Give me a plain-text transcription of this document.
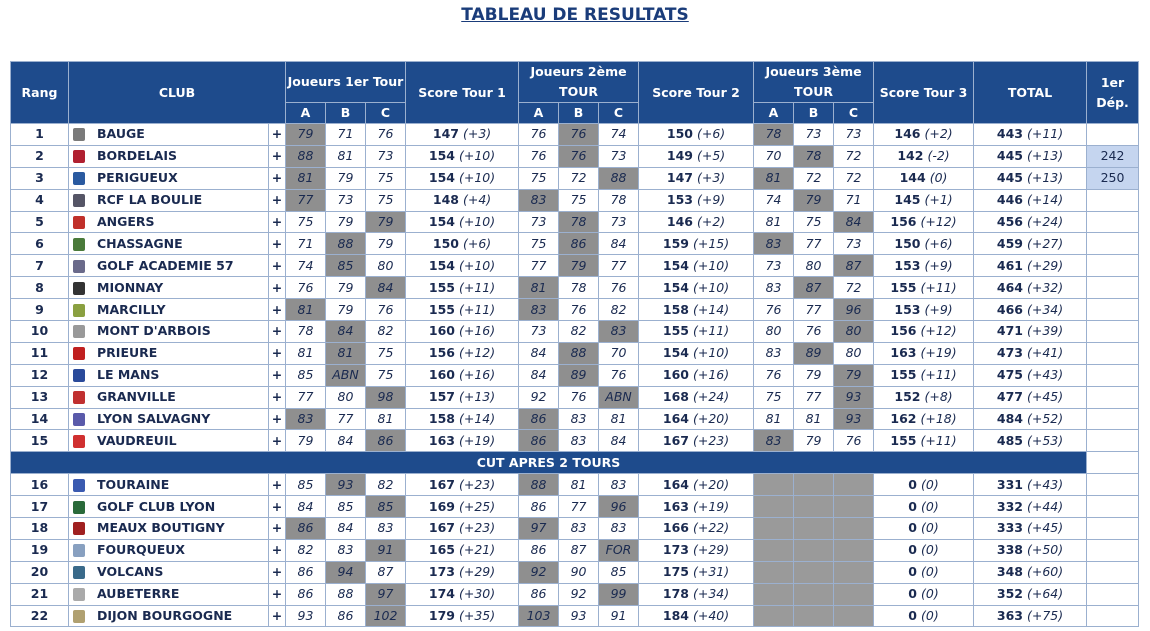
TABLEAU DE RESULTATS
Rang	CLUB		Joueurs 1er Tour			Score Tour 1	Joueurs 2ème TOUR			Score Tour 2	Joueurs 3ème TOUR			Score Tour 3	TOTAL	1er Dép.
			A	B	C		A	B	C		A	B	C			
1	BAUGE	+	79	71	76	147 (+3)	76	76	74	150 (+6)	78	73	73	146 (+2)	443 (+11)	
2	BORDELAIS	+	88	81	73	154 (+10)	76	76	73	149 (+5)	70	78	72	142 (-2)	445 (+13)	242
3	PERIGUEUX	+	81	79	75	154 (+10)	75	72	88	147 (+3)	81	72	72	144 (0)	445 (+13)	250
4	RCF LA BOULIE	+	77	73	75	148 (+4)	83	75	78	153 (+9)	74	79	71	145 (+1)	446 (+14)	
5	ANGERS	+	75	79	79	154 (+10)	73	78	73	146 (+2)	81	75	84	156 (+12)	456 (+24)	
6	CHASSAGNE	+	71	88	79	150 (+6)	75	86	84	159 (+15)	83	77	73	150 (+6)	459 (+27)	
7	GOLF ACADEMIE 57	+	74	85	80	154 (+10)	77	79	77	154 (+10)	73	80	87	153 (+9)	461 (+29)	
8	MIONNAY	+	76	79	84	155 (+11)	81	78	76	154 (+10)	83	87	72	155 (+11)	464 (+32)	
9	MARCILLY	+	81	79	76	155 (+11)	83	76	82	158 (+14)	76	77	96	153 (+9)	466 (+34)	
10	MONT D'ARBOIS	+	78	84	82	160 (+16)	73	82	83	155 (+11)	80	76	80	156 (+12)	471 (+39)	
11	PRIEURE	+	81	81	75	156 (+12)	84	88	70	154 (+10)	83	89	80	163 (+19)	473 (+41)	
12	LE MANS	+	85	ABN	75	160 (+16)	84	89	76	160 (+16)	76	79	79	155 (+11)	475 (+43)	
13	GRANVILLE	+	77	80	98	157 (+13)	92	76	ABN	168 (+24)	75	77	93	152 (+8)	477 (+45)	
14	LYON SALVAGNY	+	83	77	81	158 (+14)	86	83	81	164 (+20)	81	81	93	162 (+18)	484 (+52)	
15	VAUDREUIL	+	79	84	86	163 (+19)	86	83	84	167 (+23)	83	79	76	155 (+11)	485 (+53)	
CUT APRES 2 TOURS																
16	TOURAINE	+	85	93	82	167 (+23)	88	81	83	164 (+20)				0 (0)	331 (+43)	
17	GOLF CLUB LYON	+	84	85	85	169 (+25)	86	77	96	163 (+19)				0 (0)	332 (+44)	
18	MEAUX BOUTIGNY	+	86	84	83	167 (+23)	97	83	83	166 (+22)				0 (0)	333 (+45)	
19	FOURQUEUX	+	82	83	91	165 (+21)	86	87	FOR	173 (+29)				0 (0)	338 (+50)	
20	VOLCANS	+	86	94	87	173 (+29)	92	90	85	175 (+31)				0 (0)	348 (+60)	
21	AUBETERRE	+	86	88	97	174 (+30)	86	92	99	178 (+34)				0 (0)	352 (+64)	
22	DIJON BOURGOGNE	+	93	86	102	179 (+35)	103	93	91	184 (+40)				0 (0)	363 (+75)	
